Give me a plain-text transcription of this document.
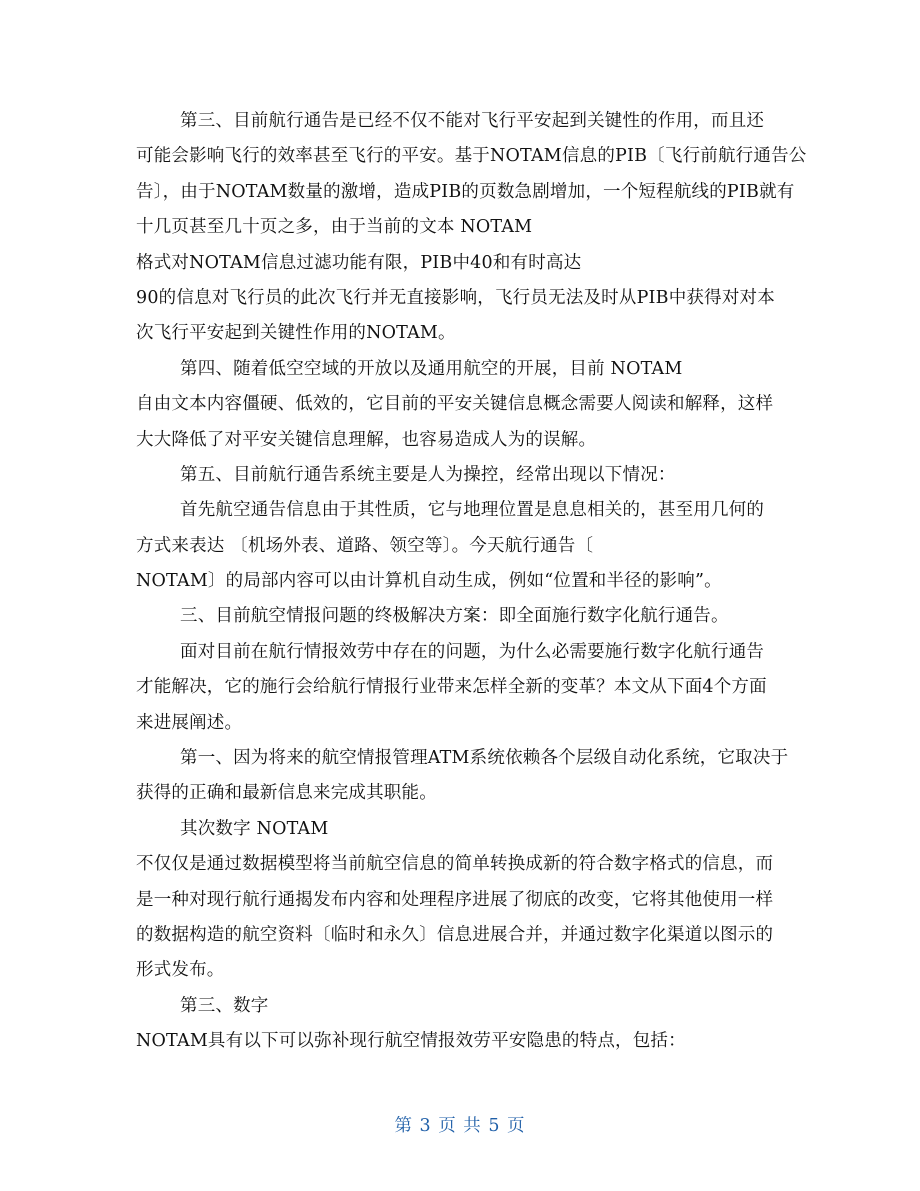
第三、目前航行通告是已经不仅不能对飞行平安起到关键性的作用，而且还
可能会影响飞行的效率甚至飞行的平安。基于NOTAM信息的PIB〔飞行前航行通告公
告〕，由于NOTAM数量的激增，造成PIB的页数急剧增加，一个短程航线的PIB就有
十几页甚至几十页之多，由于当前的文本 NOTAM
格式对NOTAM信息过滤功能有限，PIB中40和有时高达
90的信息对飞行员的此次飞行并无直接影响，飞行员无法及时从PIB中获得对对本
次飞行平安起到关键性作用的NOTAM。
第四、随着低空空域的开放以及通用航空的开展，目前 NOTAM
自由文本内容僵硬、低效的，它目前的平安关键信息概念需要人阅读和解释，这样
大大降低了对平安关键信息理解，也容易造成人为的误解。
第五、目前航行通告系统主要是人为操控，经常出现以下情况：
首先航空通告信息由于其性质，它与地理位置是息息相关的，甚至用几何的
方式来表达 〔机场外表、道路、领空等〕。今天航行通告〔
NOTAM〕的局部内容可以由计算机自动生成，例如“位置和半径的影响”。
三、目前航空情报问题的终极解决方案：即全面施行数字化航行通告。
面对目前在航行情报效劳中存在的问题，为什么必需要施行数字化航行通告
才能解决，它的施行会给航行情报行业带来怎样全新的变革？本文从下面4个方面
来进展阐述。
第一、因为将来的航空情报管理ATM系统依赖各个层级自动化系统，它取决于
获得的正确和最新信息来完成其职能。
其次数字 NOTAM
不仅仅是通过数据模型将当前航空信息的简单转换成新的符合数字格式的信息，而
是一种对现行航行通揭发布内容和处理程序进展了彻底的改变，它将其他使用一样
的数据构造的航空资料〔临时和永久〕信息进展合并，并通过数字化渠道以图示的
形式发布。
第三、数字
NOTAM具有以下可以弥补现行航空情报效劳平安隐患的特点，包括：
第 3 页 共 5 页
